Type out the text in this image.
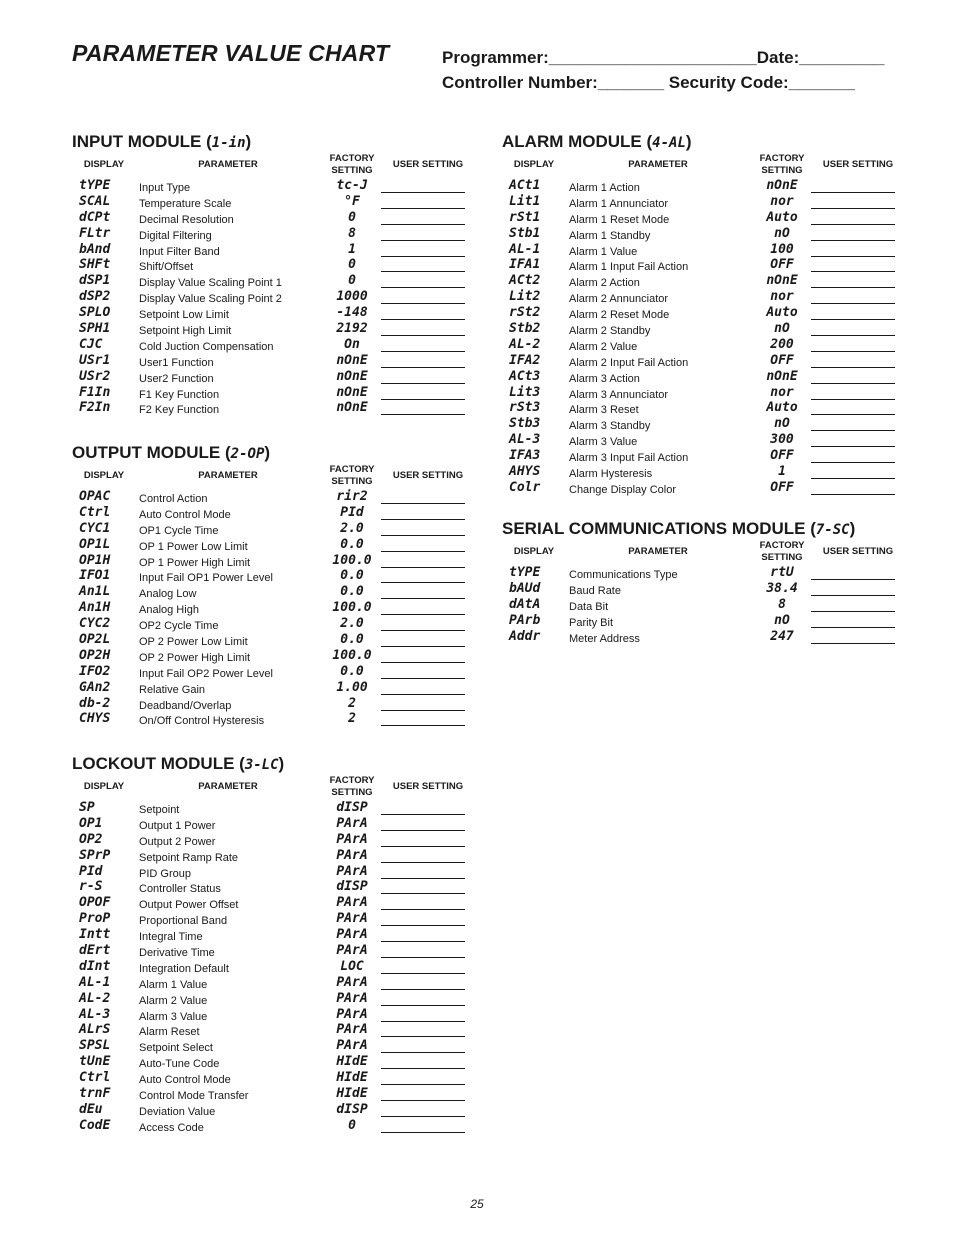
PARAMETER VALUE CHART	Programmer:______________________Date:_________
Controller Number:_______ Security Code:_______
INPUT MODULE (1-in)
DISPLAY	PARAMETER
FACTORY
SETTING
USER SETTING
tYPE	Input Type	tc-J
SCAL	Temperature Scale	°F
dCPt	Decimal Resolution	0
FLtr	Digital Filtering	8
bAnd	Input Filter Band	1
SHFt	Shift/Offset	0
dSP1	Display Value Scaling Point 1	0
dSP2	Display Value Scaling Point 2	1000
SPLO	Setpoint Low Limit	-148
SPH1	Setpoint High Limit	2192
CJC	Cold Juction Compensation	On
USr1	User1 Function	nOnE
USr2	User2 Function	nOnE
F1In	F1 Key Function	nOnE
F2In	F2 Key Function	nOnE
OUTPUT MODULE (2-OP)
DISPLAY	PARAMETER
FACTORY
SETTING
USER SETTING
OPAC	Control Action	rir2
Ctrl	Auto Control Mode	PId
CYC1	OP1 Cycle Time	2.0
OP1L	OP 1 Power Low Limit	0.0
OP1H	OP 1 Power High Limit	100.0
IFO1	Input Fail OP1 Power Level	0.0
An1L	Analog Low	0.0
An1H	Analog High	100.0
CYC2	OP2 Cycle Time	2.0
OP2L	OP 2 Power Low Limit	0.0
OP2H	OP 2 Power High Limit	100.0
IFO2	Input Fail OP2 Power Level	0.0
GAn2	Relative Gain	1.00
db-2	Deadband/Overlap	2
CHYS	On/Off Control Hysteresis	2
LOCKOUT MODULE (3-LC)
DISPLAY	PARAMETER
FACTORY
SETTING
USER SETTING
SP	Setpoint	dISP
OP1	Output 1 Power	PArA
OP2	Output 2 Power	PArA
SPrP	Setpoint Ramp Rate	PArA
PId	PID Group	PArA
r-S	Controller Status	dISP
OPOF	Output Power Offset	PArA
ProP	Proportional Band	PArA
Intt	Integral Time	PArA
dErt	Derivative Time	PArA
dInt	Integration Default	LOC
AL-1	Alarm 1 Value	PArA
AL-2	Alarm 2 Value	PArA
AL-3	Alarm 3 Value	PArA
ALrS	Alarm Reset	PArA
SPSL	Setpoint Select	PArA
tUnE	Auto-Tune Code	HIdE
Ctrl	Auto Control Mode	HIdE
trnF	Control Mode Transfer	HIdE
dEu	Deviation Value	dISP
CodE	Access Code	0
ALARM MODULE (4-AL)
DISPLAY	PARAMETER
FACTORY
SETTING
USER SETTING
ACt1	Alarm 1 Action	nOnE
Lit1	Alarm 1 Annunciator	nor
rSt1	Alarm 1 Reset Mode	Auto
Stb1	Alarm 1 Standby	nO
AL-1	Alarm 1 Value	100
IFA1	Alarm 1 Input Fail Action	OFF
ACt2	Alarm 2 Action	nOnE
Lit2	Alarm 2 Annunciator	nor
rSt2	Alarm 2 Reset Mode	Auto
Stb2	Alarm 2 Standby	nO
AL-2	Alarm 2 Value	200
IFA2	Alarm 2 Input Fail Action	OFF
ACt3	Alarm 3 Action	nOnE
Lit3	Alarm 3 Annunciator	nor
rSt3	Alarm 3 Reset	Auto
Stb3	Alarm 3 Standby	nO
AL-3	Alarm 3 Value	300
IFA3	Alarm 3 Input Fail Action	OFF
AHYS	Alarm Hysteresis	1
Colr	Change Display Color	OFF
SERIAL COMMUNICATIONS MODULE (7-SC)
DISPLAY	PARAMETER
FACTORY
SETTING
USER SETTING
tYPE	Communications Type	rtU
bAUd	Baud Rate	38.4
dAtA	Data Bit	8
PArb	Parity Bit	nO
Addr	Meter Address	247
25
